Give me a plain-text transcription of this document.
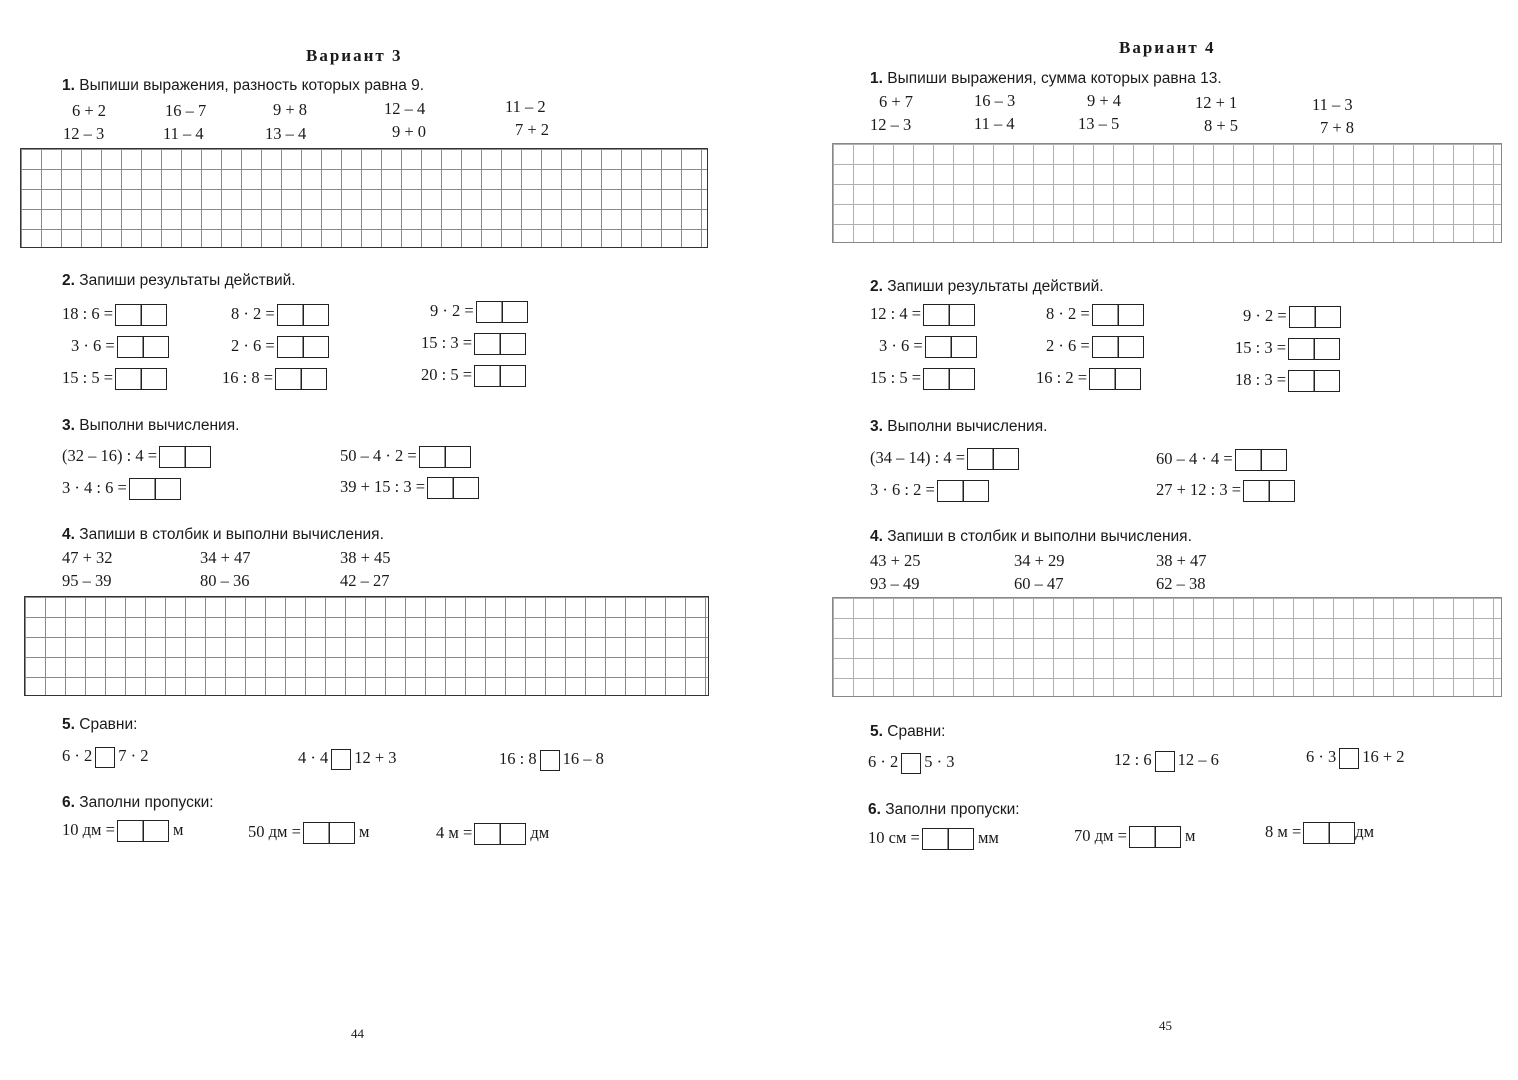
Вариант 3
1. Выпиши выражения, разность которых равна 9.
6 + 2	16 – 7	9 + 8	12 – 4	11 – 2
12 – 3	11 – 4	13 – 4	9 + 0	7 + 2
2. Запиши результаты действий.
18 : 6 =	8 · 2 =	9 · 2 =
3 · 6 =	2 · 6 =	15 : 3 =
15 : 5 =	16 : 8 =	20 : 5 =
3. Выполни вычисления.
(32 – 16) : 4 =	50 – 4 · 2 =
3 · 4 : 6 =	39 + 15 : 3 =
4. Запиши в столбик и выполни вычисления.
47 + 32	34 + 47	38 + 45
95 – 39	80 – 36	42 – 27
5. Сравни:
6 · 2 7 · 2	4 · 4 12 + 3	16 : 8 16 – 8
6. Заполни пропуски:
10 дм =	м	50 дм =	м	4 м =	дм
44
Вариант 4
1. Выпиши выражения, сумма которых равна 13.
6 + 7	16 – 3	9 + 4	12 + 1	11 – 3
12 – 3	11 – 4	13 – 5	8 + 5	7 + 8
2. Запиши результаты действий.
12 : 4 =	8 · 2 =	9 · 2 =
3 · 6 =	2 · 6 =	15 : 3 =
15 : 5 =	16 : 2 =	18 : 3 =
3. Выполни вычисления.
(34 – 14) : 4 =	60 – 4 · 4 =
3 · 6 : 2 =	27 + 12 : 3 =
4. Запиши в столбик и выполни вычисления.
43 + 25	34 + 29	38 + 47
93 – 49	60 – 47	62 – 38
5. Сравни:
6 · 2 5 · 3	12 : 6 12 – 6	6 · 3 16 + 2
6. Заполни пропуски:
10 см =	мм	70 дм =	м	8 м =	дм
45
